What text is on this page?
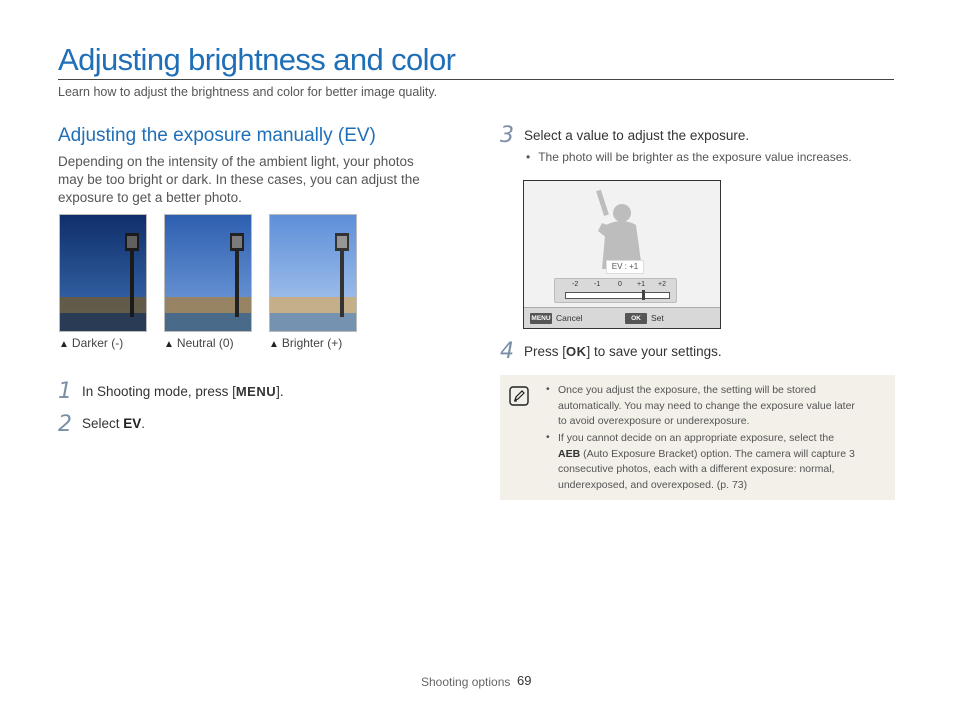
Adjusting brightness and color
Learn how to adjust the brightness and color for better image quality.
Adjusting the exposure manually (EV)
Depending on the intensity of the ambient light, your photos may be too bright or dark. In these cases, you can adjust the exposure to get a better photo.
▲ Darker (-)	▲ Neutral (0)	▲ Brighter (+)
1 In Shooting mode, press [MENU].
2 Select EV.
3 Select a value to adjust the exposure.
• The photo will be brighter as the exposure value increases.
EV : +1
-2 -1	0 +1 +2
MENU Cancel	OK	Set
4 Press [OK] to save your settings.
• Once you adjust the exposure, the setting will be stored automatically. You may need to change the exposure value later to avoid overexposure or underexposure.
• If you cannot decide on an appropriate exposure, select the AEB (Auto Exposure Bracket) option. The camera will capture 3 consecutive photos, each with a different exposure: normal, underexposed, and overexposed. (p. 73)
Shooting options 69
